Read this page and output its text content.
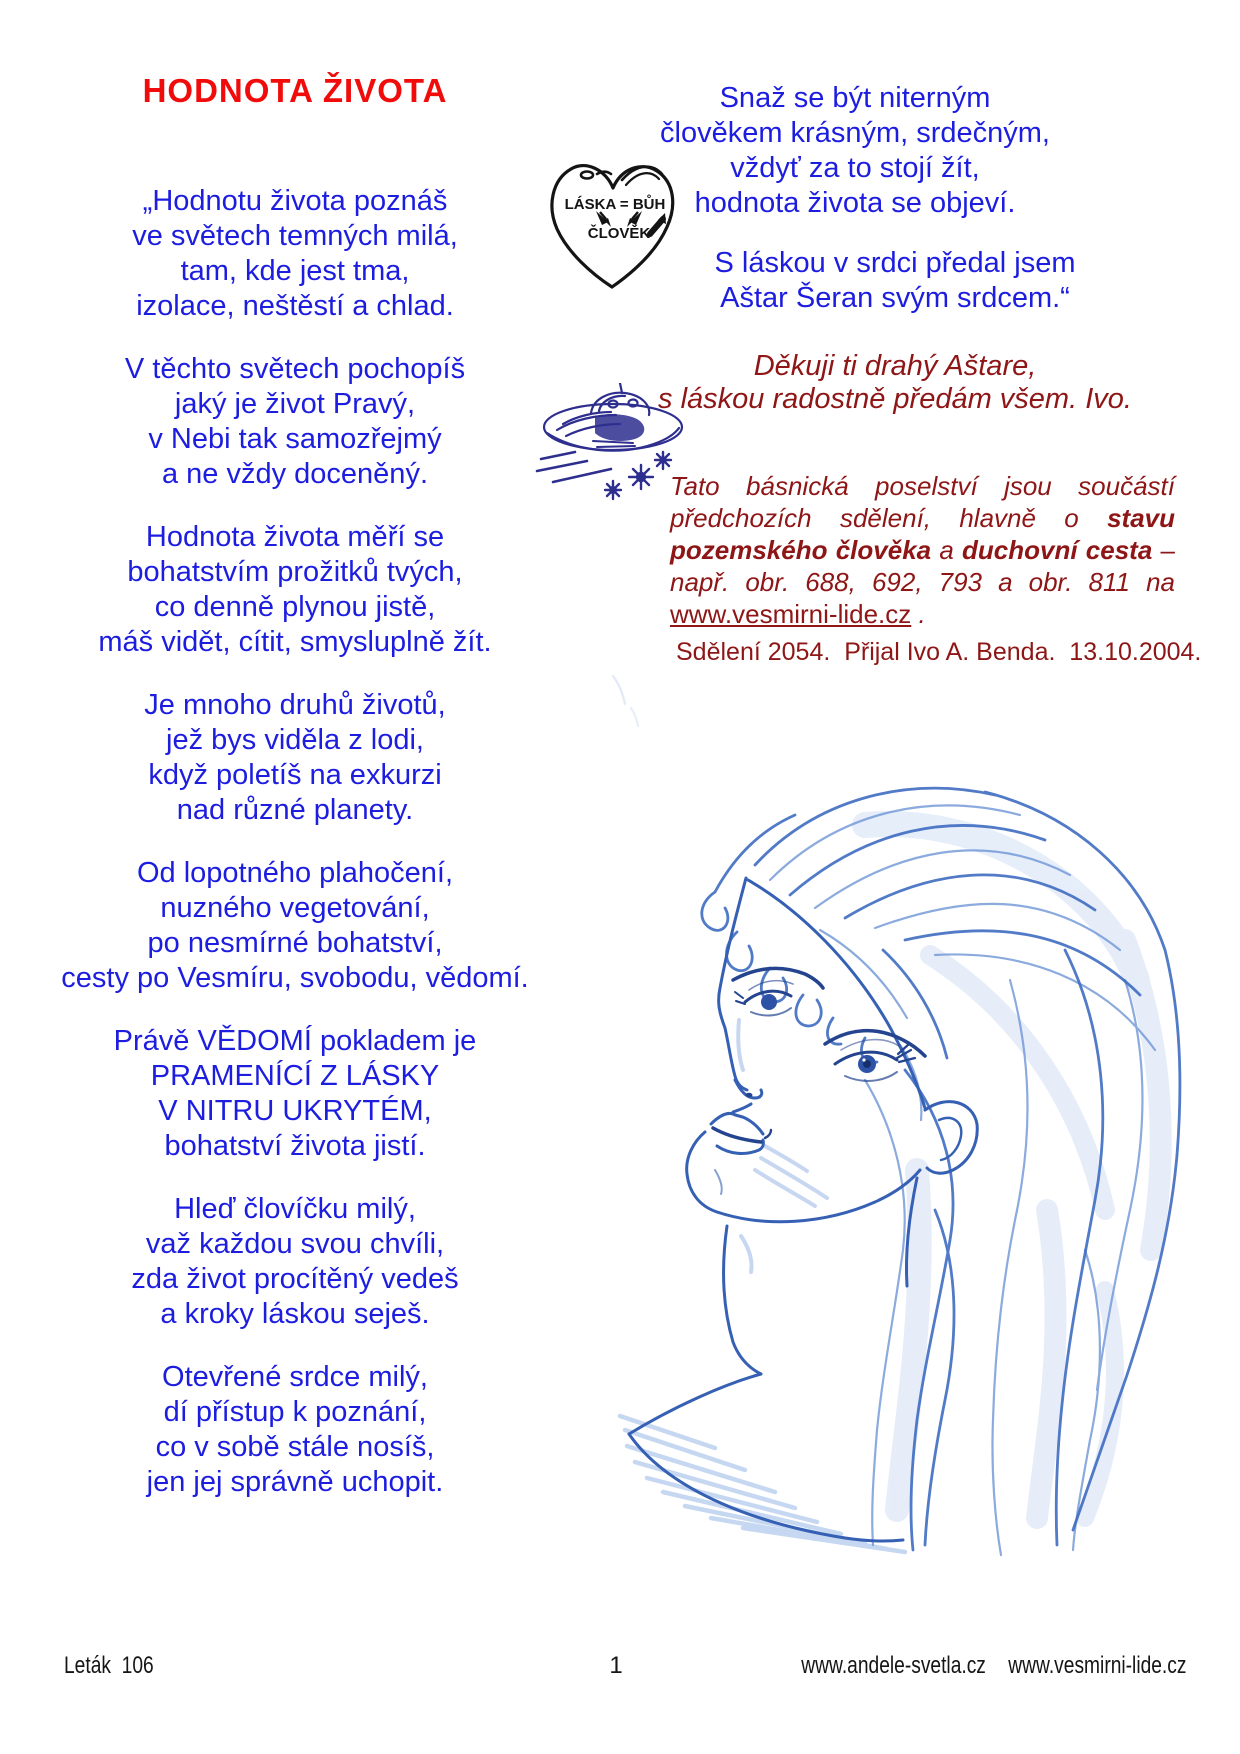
HODNOTA ŽIVOTA
„Hodnotu života poznáš
ve světech temných milá,
tam, kde jest tma,
izolace, neštěstí a chlad.
V těchto světech pochopíš
jaký je život Pravý,
v Nebi tak samozřejmý
a ne vždy doceněný.
Hodnota života měří se
bohatstvím prožitků tvých,
co denně plynou jistě,
máš vidět, cítit, smysluplně žít.
Je mnoho druhů životů,
jež bys viděla z lodi,
když poletíš na exkurzi
nad různé planety.
Od lopotného plahočení,
nuzného vegetování,
po nesmírné bohatství,
cesty po Vesmíru, svobodu, vědomí.
Právě VĚDOMÍ pokladem je
PRAMENÍCÍ Z LÁSKY
V NITRU UKRYTÉM,
bohatství života jistí.
Hleď človíčku milý,
važ každou svou chvíli,
zda život procítěný vedeš
a kroky láskou seješ.
Otevřené srdce milý,
dí přístup k poznání,
co v sobě stále nosíš,
jen jej správně uchopit.
Snaž se být niterným
člověkem krásným, srdečným,
vždyť za to stojí žít,
hodnota života se objeví.
S láskou v srdci předal jsem
Aštar Šeran svým srdcem.“
Děkuji ti drahý Aštare,
s láskou radostně předám všem. Ivo.
Tato básnická poselství jsou součástí
předchozích sdělení, hlavně o stavu
pozemského člověka a duchovní cesta –
např. obr. 688, 692, 793 a obr. 811 na
www.vesmirni-lide.cz .
Sdělení 2054.  Přijal Ivo A. Benda.  13.10.2004.
LÁSKA = BŮH
ČLOVĚK
Leták  106	1	www.andele-svetla.cz www.vesmirni-lide.cz
